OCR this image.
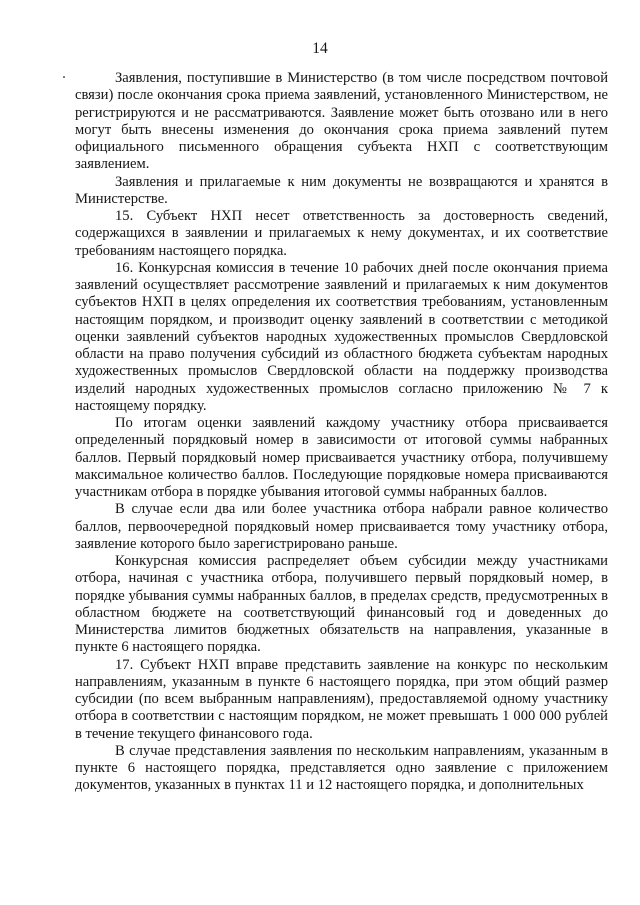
14

Заявления, поступившие в Министерство (в том числе посредством почтовой связи) после окончания срока приема заявлений, установленного Министерством, не регистрируются и не рассматриваются. Заявление может быть отозвано или в него могут быть внесены изменения до окончания срока приема заявлений путем официального письменного обращения субъекта НХП с соответствующим заявлением.

Заявления и прилагаемые к ним документы не возвращаются и хранятся в Министерстве.

15. Субъект НХП несет ответственность за достоверность сведений, содержащихся в заявлении и прилагаемых к нему документах, и их соответствие требованиям настоящего порядка.

16. Конкурсная комиссия в течение 10 рабочих дней после окончания приема заявлений осуществляет рассмотрение заявлений и прилагаемых к ним документов субъектов НХП в целях определения их соответствия требованиям, установленным настоящим порядком, и производит оценку заявлений в соответствии с методикой оценки заявлений субъектов народных художественных промыслов Свердловской области на право получения субсидий из областного бюджета субъектам народных художественных промыслов Свердловской области на поддержку производства изделий народных художественных промыслов согласно приложению № 7 к настоящему порядку.

По итогам оценки заявлений каждому участнику отбора присваивается определенный порядковый номер в зависимости от итоговой суммы набранных баллов. Первый порядковый номер присваивается участнику отбора, получившему максимальное количество баллов. Последующие порядковые номера присваиваются участникам отбора в порядке убывания итоговой суммы набранных баллов.

В случае если два или более участника отбора набрали равное количество баллов, первоочередной порядковый номер присваивается тому участнику отбора, заявление которого было зарегистрировано раньше.

Конкурсная комиссия распределяет объем субсидии между участниками отбора, начиная с участника отбора, получившего первый порядковый номер, в порядке убывания суммы набранных баллов, в пределах средств, предусмотренных в областном бюджете на соответствующий финансовый год и доведенных до Министерства лимитов бюджетных обязательств на направления, указанные в пункте 6 настоящего порядка.

17. Субъект НХП вправе представить заявление на конкурс по нескольким направлениям, указанным в пункте 6 настоящего порядка, при этом общий размер субсидии (по всем выбранным направлениям), предоставляемой одному участнику отбора в соответствии с настоящим порядком, не может превышать 1 000 000 рублей в течение текущего финансового года.

В случае представления заявления по нескольким направлениям, указанным в пункте 6 настоящего порядка, представляется одно заявление с приложением документов, указанных в пунктах 11 и 12 настоящего порядка, и дополнительных
